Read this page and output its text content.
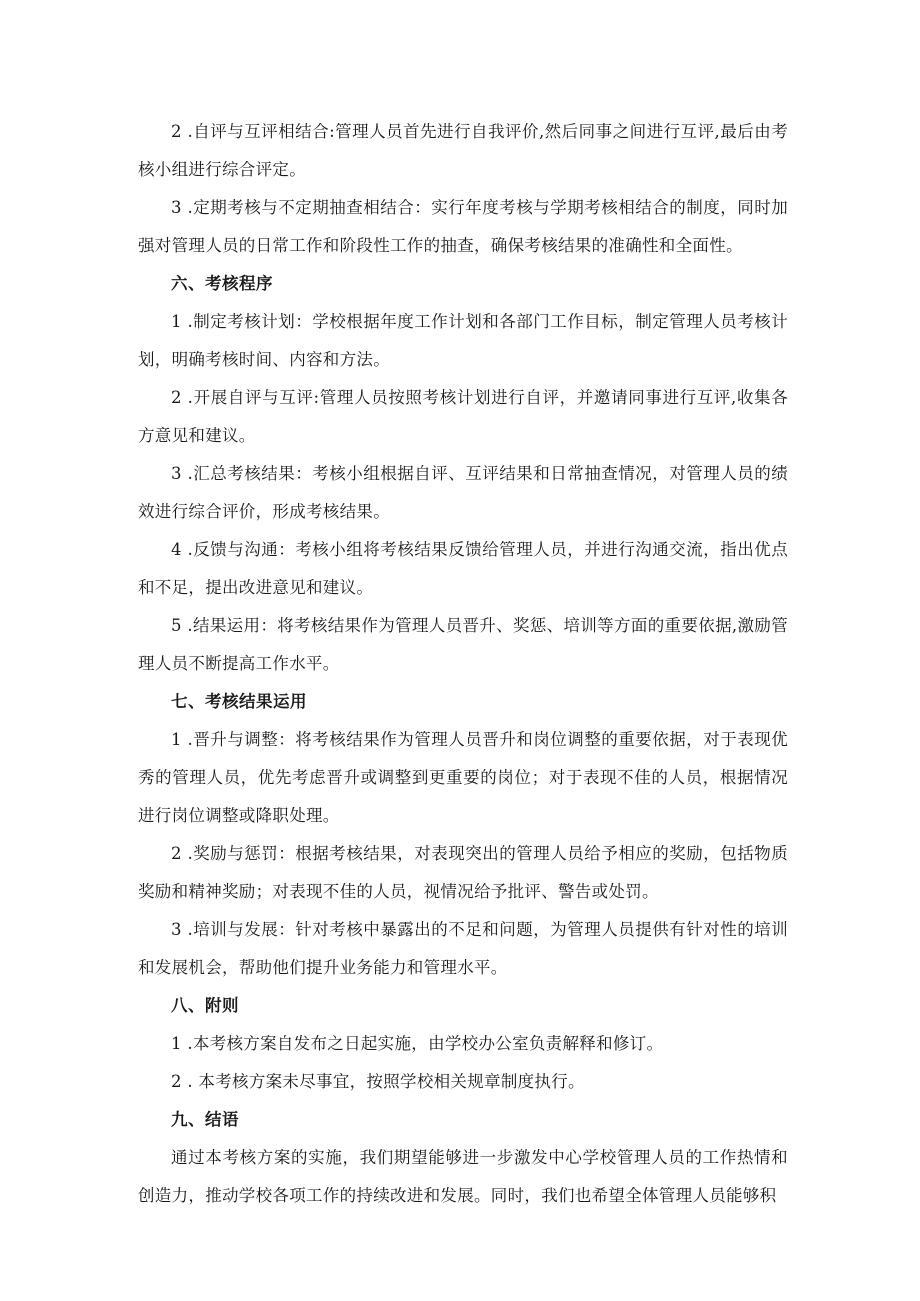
2 .自评与互评相结合:管理人员首先进行自我评价,然后同事之间进行互评,最后由考核小组进行综合评定。

3 .定期考核与不定期抽查相结合：实行年度考核与学期考核相结合的制度，同时加强对管理人员的日常工作和阶段性工作的抽查，确保考核结果的准确性和全面性。

六、考核程序

1 .制定考核计划：学校根据年度工作计划和各部门工作目标，制定管理人员考核计划，明确考核时间、内容和方法。

2 .开展自评与互评:管理人员按照考核计划进行自评，并邀请同事进行互评,收集各方意见和建议。

3 .汇总考核结果：考核小组根据自评、互评结果和日常抽查情况，对管理人员的绩效进行综合评价，形成考核结果。

4 .反馈与沟通：考核小组将考核结果反馈给管理人员，并进行沟通交流，指出优点和不足，提出改进意见和建议。

5 .结果运用：将考核结果作为管理人员晋升、奖惩、培训等方面的重要依据,激励管理人员不断提高工作水平。

七、考核结果运用

1 .晋升与调整：将考核结果作为管理人员晋升和岗位调整的重要依据，对于表现优秀的管理人员，优先考虑晋升或调整到更重要的岗位；对于表现不佳的人员，根据情况进行岗位调整或降职处理。

2 .奖励与惩罚：根据考核结果，对表现突出的管理人员给予相应的奖励，包括物质奖励和精神奖励；对表现不佳的人员，视情况给予批评、警告或处罚。

3 .培训与发展：针对考核中暴露出的不足和问题，为管理人员提供有针对性的培训和发展机会，帮助他们提升业务能力和管理水平。

八、附则

1 .本考核方案自发布之日起实施，由学校办公室负责解释和修订。

2 . 本考核方案未尽事宜，按照学校相关规章制度执行。

九、结语

通过本考核方案的实施，我们期望能够进一步激发中心学校管理人员的工作热情和创造力，推动学校各项工作的持续改进和发展。同时，我们也希望全体管理人员能够积
